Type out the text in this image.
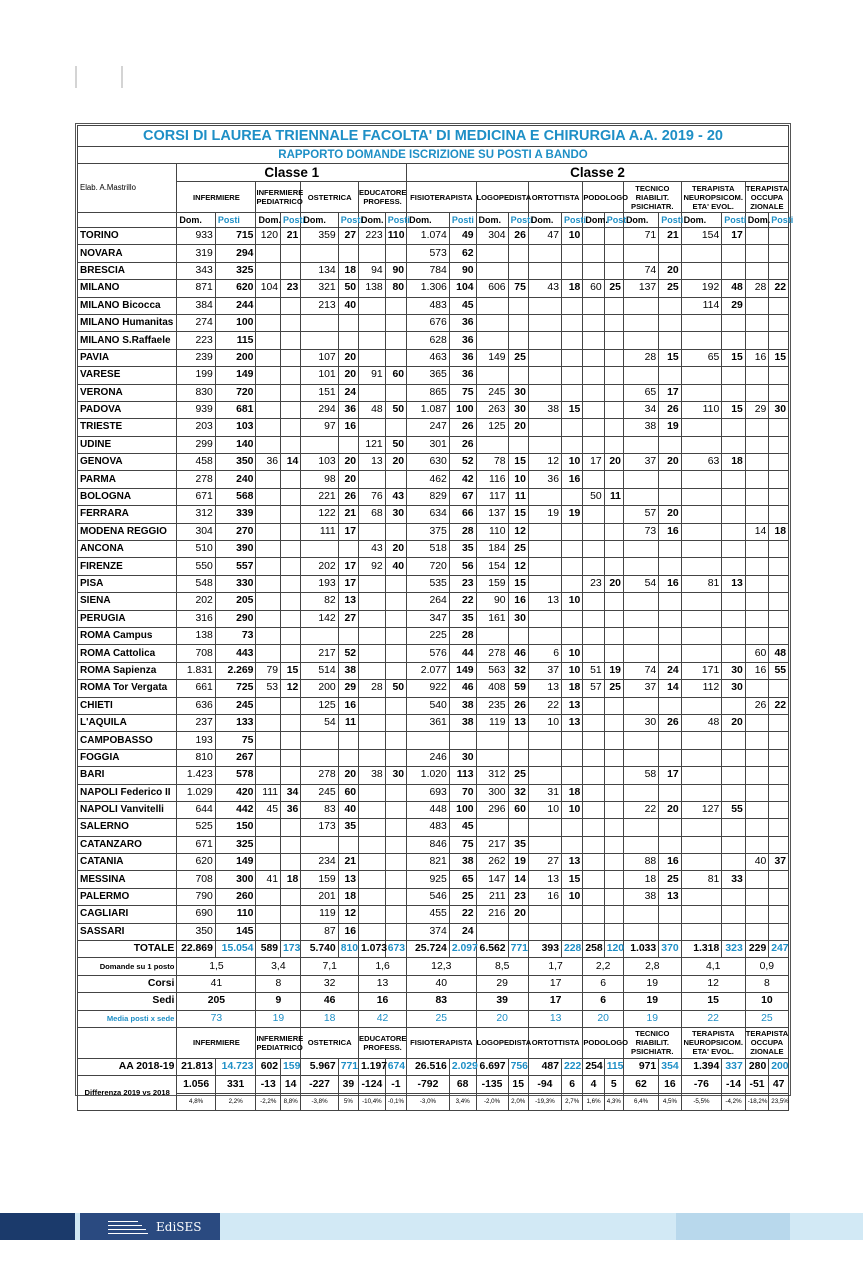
CORSI DI LAUREA TRIENNALE FACOLTA' DI MEDICINA E CHIRURGIA A.A. 2019 - 20																						
RAPPORTO DOMANDE ISCRIZIONE SU POSTI A BANDO																						
Elab. A.Mastrillo	Classe 1								Classe 2													
	INFERMIERE		INFERMIERE PEDIATRICO		OSTETRICA		EDUCATORE PROFESS.		FISIOTERAPISTA		LOGOPEDISTA		ORTOTTISTA		PODOLOGO		TECNICO RIABILIT. PSICHIATR.		TERAPISTA NEUROPSICOM. ETA' EVOL.		TERAPISTA OCCUPA ZIONALE	
	Dom.	Posti	Dom.	Posti	Dom.	Posti	Dom.	Posti	Dom.	Posti	Dom.	Posti	Dom.	Posti	Dom.	Posti	Dom.	Posti	Dom.	Posti	Dom.	Posti
TORINO	933	715	120	21	359	27	223	110	1.074	49	304	26	47	10			71	21	154	17		
NOVARA	319	294							573	62												
BRESCIA	343	325			134	18	94	90	784	90							74	20				
MILANO	871	620	104	23	321	50	138	80	1.306	104	606	75	43	18	60	25	137	25	192	48	28	22
MILANO Bicocca	384	244			213	40			483	45									114	29		
MILANO Humanitas	274	100							676	36												
MILANO S.Raffaele	223	115							628	36												
PAVIA	239	200			107	20			463	36	149	25					28	15	65	15	16	15
VARESE	199	149			101	20	91	60	365	36												
VERONA	830	720			151	24			865	75	245	30					65	17				
PADOVA	939	681			294	36	48	50	1.087	100	263	30	38	15			34	26	110	15	29	30
TRIESTE	203	103			97	16			247	26	125	20					38	19				
UDINE	299	140					121	50	301	26												
GENOVA	458	350	36	14	103	20	13	20	630	52	78	15	12	10	17	20	37	20	63	18		
PARMA	278	240			98	20			462	42	116	10	36	16								
BOLOGNA	671	568			221	26	76	43	829	67	117	11			50	11						
FERRARA	312	339			122	21	68	30	634	66	137	15	19	19			57	20				
MODENA REGGIO	304	270			111	17			375	28	110	12					73	16			14	18
ANCONA	510	390					43	20	518	35	184	25										
FIRENZE	550	557			202	17	92	40	720	56	154	12										
PISA	548	330			193	17			535	23	159	15			23	20	54	16	81	13		
SIENA	202	205			82	13			264	22	90	16	13	10								
PERUGIA	316	290			142	27			347	35	161	30										
ROMA Campus	138	73							225	28												
ROMA Cattolica	708	443			217	52			576	44	278	46	6	10							60	48
ROMA Sapienza	1.831	2.269	79	15	514	38			2.077	149	563	32	37	10	51	19	74	24	171	30	16	55
ROMA Tor Vergata	661	725	53	12	200	29	28	50	922	46	408	59	13	18	57	25	37	14	112	30		
CHIETI	636	245			125	16			540	38	235	26	22	13							26	22
L'AQUILA	237	133			54	11			361	38	119	13	10	13			30	26	48	20		
CAMPOBASSO	193	75																				
FOGGIA	810	267							246	30												
BARI	1.423	578			278	20	38	30	1.020	113	312	25					58	17				
NAPOLI Federico II	1.029	420	111	34	245	60			693	70	300	32	31	18								
NAPOLI Vanvitelli	644	442	45	36	83	40			448	100	296	60	10	10			22	20	127	55		
SALERNO	525	150			173	35			483	45												
CATANZARO	671	325							846	75	217	35										
CATANIA	620	149			234	21			821	38	262	19	27	13			88	16			40	37
MESSINA	708	300	41	18	159	13			925	65	147	14	13	15			18	25	81	33		
PALERMO	790	260			201	18			546	25	211	23	16	10			38	13				
CAGLIARI	690	110			119	12			455	22	216	20										
SASSARI	350	145			87	16			374	24												
TOTALE	22.869	15.054	589	173	5.740	810	1.073	673	25.724	2.097	6.562	771	393	228	258	120	1.033	370	1.318	323	229	247
Domande su 1 posto	1,5		3,4		7,1		1,6		12,3		8,5		1,7		2,2		2,8		4,1		0,9	
Corsi	41		8		32		13		40		29		17		6		19		12		8	
Sedi	205		9		46		16		83		39		17		6		19		15		10	
Media posti x sede	73		19		18		42		25		20		13		20		19		22		25	
	INFERMIERE		INFERMIERE PEDIATRICO		OSTETRICA		EDUCATORE PROFESS.		FISIOTERAPISTA		LOGOPEDISTA		ORTOTTISTA		PODOLOGO		TECNICO RIABILIT. PSICHIATR.		TERAPISTA NEUROPSICOM. ETA' EVOL.		TERAPISTA OCCUPA ZIONALE	
AA 2018-19	21.813	14.723	602	159	5.967	771	1.197	674	26.516	2.029	6.697	756	487	222	254	115	971	354	1.394	337	280	200
Differenza 2019 vs 2018	1.056	331	-13	14	-227	39	-124	-1	-792	68	-135	15	-94	6	4	5	62	16	-76	-14	-51	47
	4,8%	2,2%	-2,2%	8,8%	-3,8%	5%	-10,4%	-0,1%	-3,0%	3,4%	-2,0%	2,0%	-19,3%	2,7%	1,6%	4,3%	6,4%	4,5%	-5,5%	-4,2%	-18,2%	23,5%
EdiSES
